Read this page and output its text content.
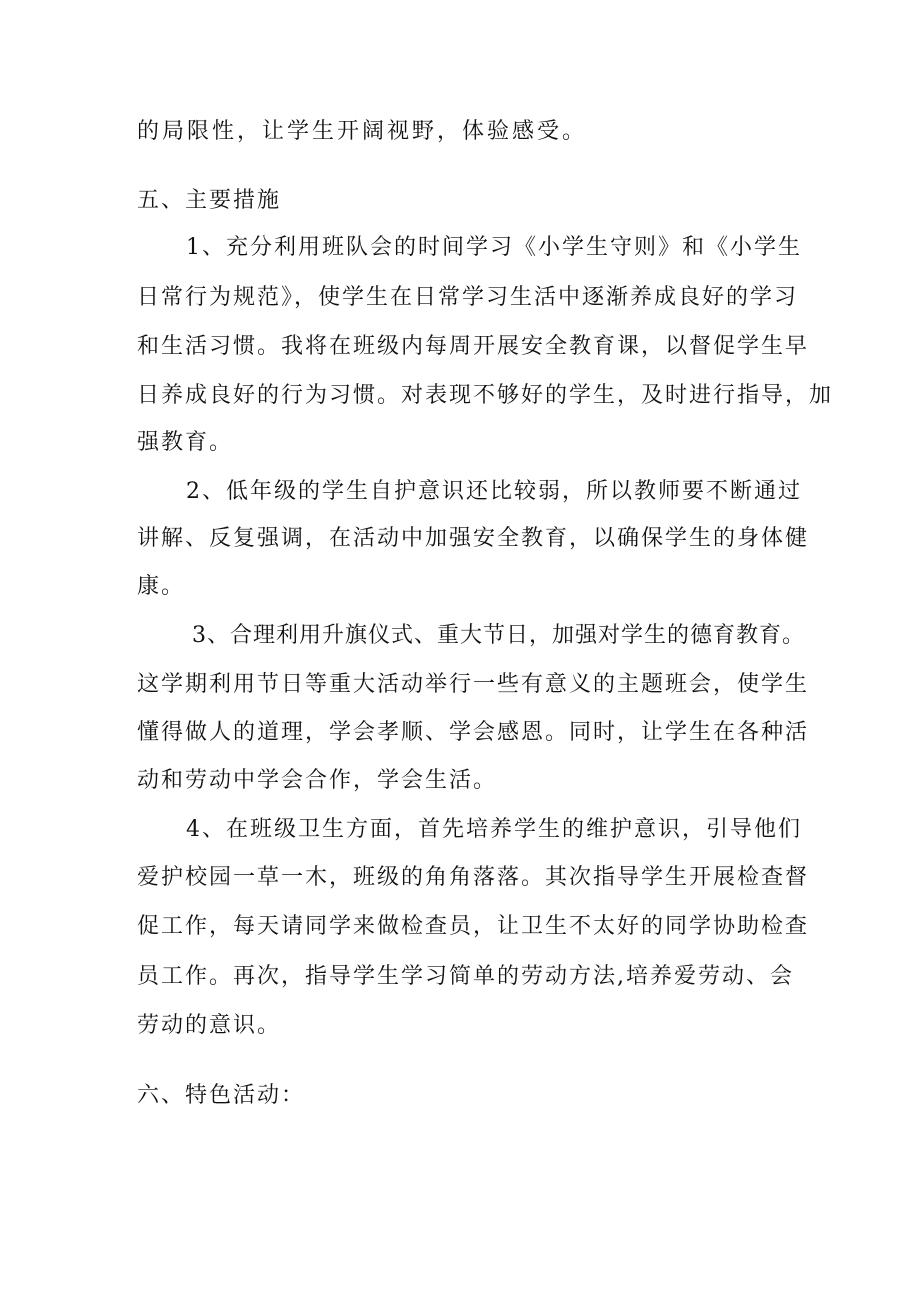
的局限性，让学生开阔视野，体验感受。
五、主要措施
1、充分利用班队会的时间学习《小学生守则》和《小学生
日常行为规范》，使学生在日常学习生活中逐渐养成良好的学习
和生活习惯。我将在班级内每周开展安全教育课，以督促学生早
日养成良好的行为习惯。对表现不够好的学生，及时进行指导，加
强教育。
2、低年级的学生自护意识还比较弱，所以教师要不断通过
讲解、反复强调，在活动中加强安全教育，以确保学生的身体健
康。
3、合理利用升旗仪式、重大节日，加强对学生的德育教育。
这学期利用节日等重大活动举行一些有意义的主题班会，使学生
懂得做人的道理，学会孝顺、学会感恩。同时，让学生在各种活
动和劳动中学会合作，学会生活。
4、在班级卫生方面，首先培养学生的维护意识，引导他们
爱护校园一草一木，班级的角角落落。其次指导学生开展检查督
促工作，每天请同学来做检查员，让卫生不太好的同学协助检查
员工作。再次，指导学生学习简单的劳动方法,培养爱劳动、会
劳动的意识。
六、特色活动：
